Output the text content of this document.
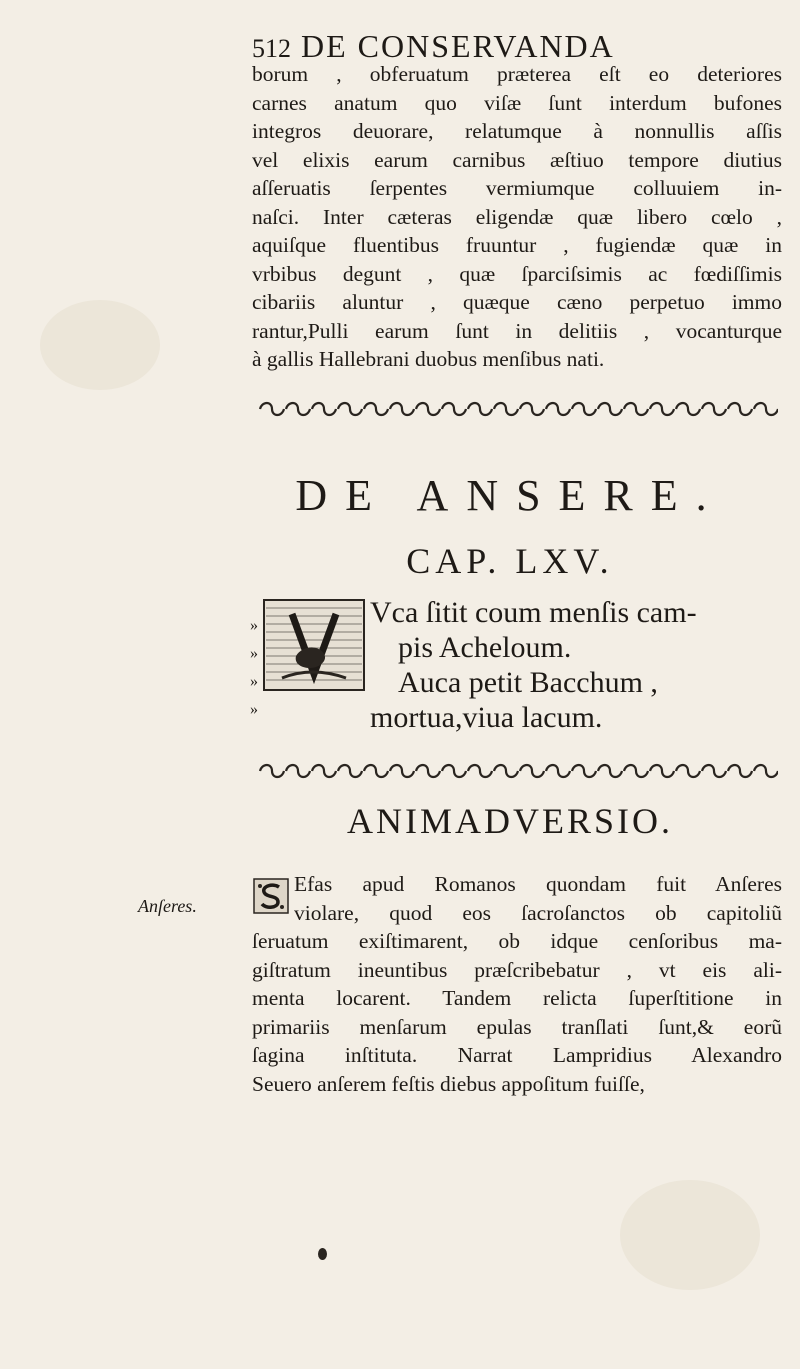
512 DE CONSERVANDA
borum , obferuatum præterea eſt eo deteriores
carnes anatum quo viſæ ſunt interdum bufones
integros deuorare, relatumque à nonnullis aſſis
vel elixis earum carnibus æſtiuo tempore diutius
aſſeruatis ſerpentes vermiumque colluuiem in-
naſci. Inter cæteras eligendæ quæ libero cœlo ,
aquiſque fluentibus fruuntur , fugiendæ quæ in
vrbibus degunt , quæ ſparciſsimis ac fœdiſſimis
cibariis aluntur , quæque cæno perpetuo immo
rantur,Pulli earum ſunt in delitiis , vocanturque
à gallis Hallebrani duobus menſibus nati.
DE ANSERE.
CAP. LXV.
»
»
»
»
Vca ſitit coum menſis cam-
pis Acheloum.
Auca petit Bacchum ,
mortua,viua lacum.
ANIMADVERSIO.
Anſeres.
Efas apud Romanos quondam fuit Anſeres
violare, quod eos ſacroſanctos ob capitoliũ
ſeruatum exiſtimarent, ob idque cenſoribus ma-
giſtratum ineuntibus præſcribebatur , vt eis ali-
menta locarent. Tandem relicta ſuperſtitione in
primariis menſarum epulas tranſlati ſunt,& eorũ
ſagina inſtituta. Narrat Lampridius Alexandro
Seuero anſerem feſtis diebus appoſitum fuiſſe,
